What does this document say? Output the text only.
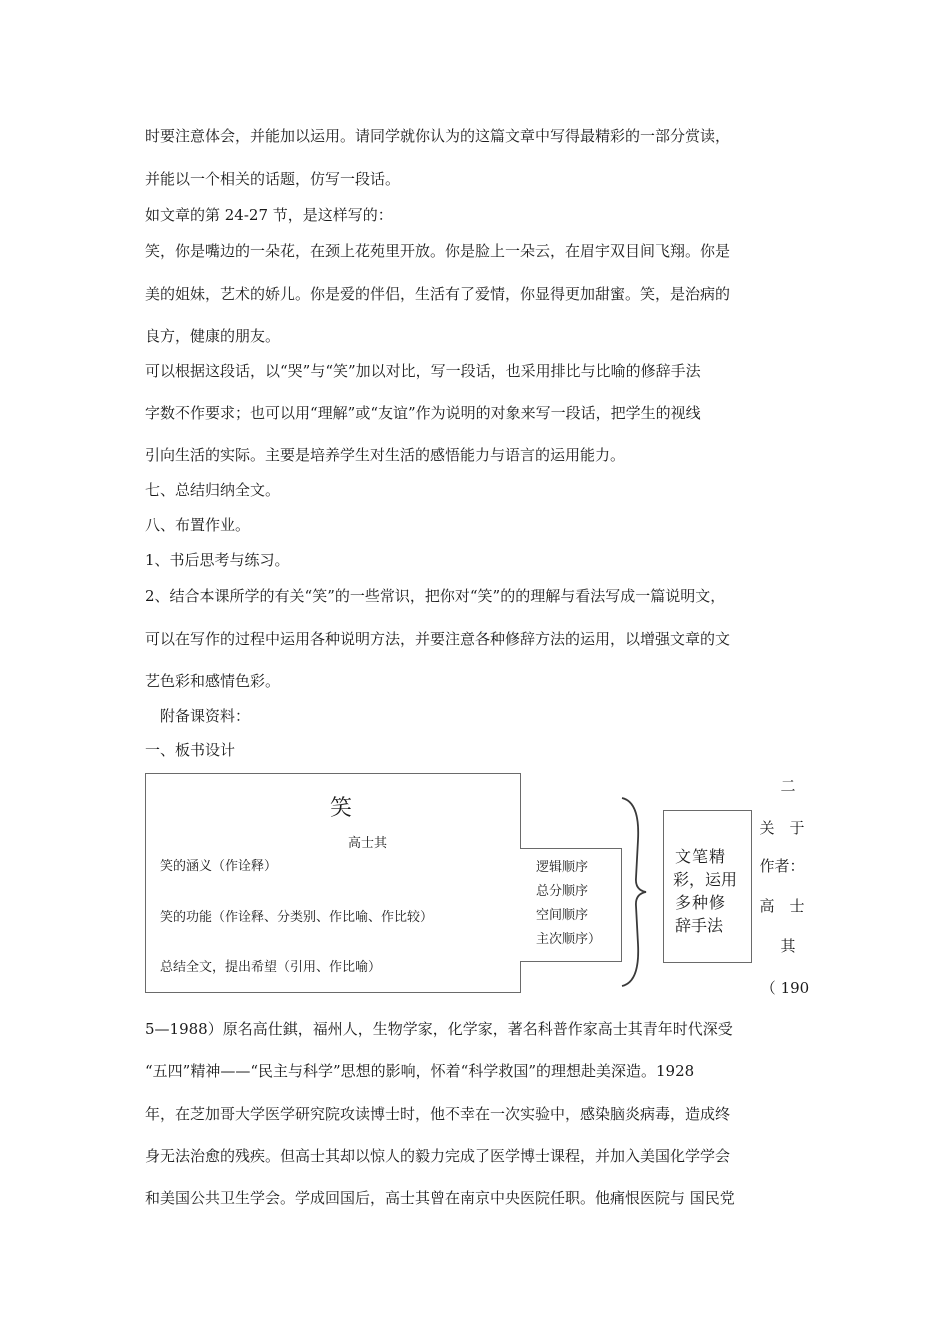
时要注意体会，并能加以运用。请同学就你认为的这篇文章中写得最精彩的一部分赏读，
并能以一个相关的话题，仿写一段话。
如文章的第 24-27 节，是这样写的：
笑，你是嘴边的一朵花，在颈上花苑里开放。你是脸上一朵云，在眉宇双目间飞翔。你是
美的姐妹，艺术的娇儿。你是爱的伴侣，生活有了爱情，你显得更加甜蜜。笑，是治病的
良方，健康的朋友。
可以根据这段话，以“哭”与“笑”加以对比，写一段话，也采用排比与比喻的修辞手法
字数不作要求；也可以用“理解”或“友谊”作为说明的对象来写一段话，把学生的视线
引向生活的实际。主要是培养学生对生活的感悟能力与语言的运用能力。
七、总结归纳全文。
八、布置作业。
1、书后思考与练习。
2、结合本课所学的有关“笑”的一些常识，把你对“笑”的的理解与看法写成一篇说明文，
可以在写作的过程中运用各种说明方法，并要注意各种修辞方法的运用，以增强文章的文
艺色彩和感情色彩。
附备课资料：
一、板书设计
笑
高士其
笑的涵义（作诠释）
笑的功能（作诠释、分类别、作比喻、作比较）
总结全文，提出希望（引用、作比喻）
逻辑顺序
总分顺序
空间顺序
主次顺序）
文笔精
彩，运用
多种修
辞手法
二
关　于
作者：
高　士
其
（ 190
5—1988）原名高仕錤，福州人，生物学家，化学家，著名科普作家高士其青年时代深受
“五四”精神——“民主与科学”思想的影响，怀着“科学救国”的理想赴美深造。1928
年，在芝加哥大学医学研究院攻读博士时，他不幸在一次实验中，感染脑炎病毒，造成终
身无法治愈的残疾。但高士其却以惊人的毅力完成了医学博士课程，并加入美国化学学会
和美国公共卫生学会。学成回国后，高士其曾在南京中央医院任职。他痛恨医院与 国民党
